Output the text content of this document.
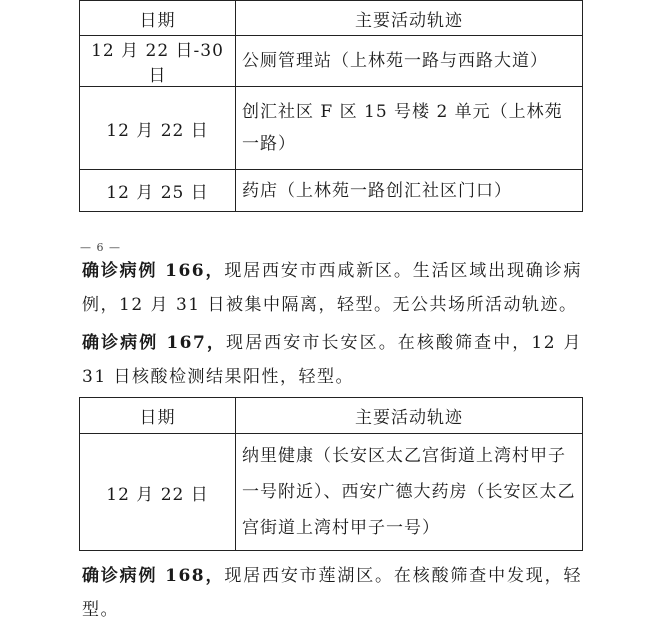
日期	主要活动轨迹
12 月 22 日-30 日	公厕管理站（上林苑一路与西路大道）
12 月 22 日	创汇社区 F 区 15 号楼 2 单元（上林苑一路）
12 月 25 日	药店（上林苑一路创汇社区门口）
— 6 —
确诊病例 166，现居西安市西咸新区。生活区域出现确诊病例，12 月 31 日被集中隔离，轻型。无公共场所活动轨迹。
确诊病例 167，现居西安市长安区。在核酸筛查中，12 月 31 日核酸检测结果阳性，轻型。
日期	主要活动轨迹
12 月 22 日	纳里健康（长安区太乙宫街道上湾村甲子一号附近）、西安广德大药房（长安区太乙宫街道上湾村甲子一号）
确诊病例 168，现居西安市莲湖区。在核酸筛查中发现，轻型。
